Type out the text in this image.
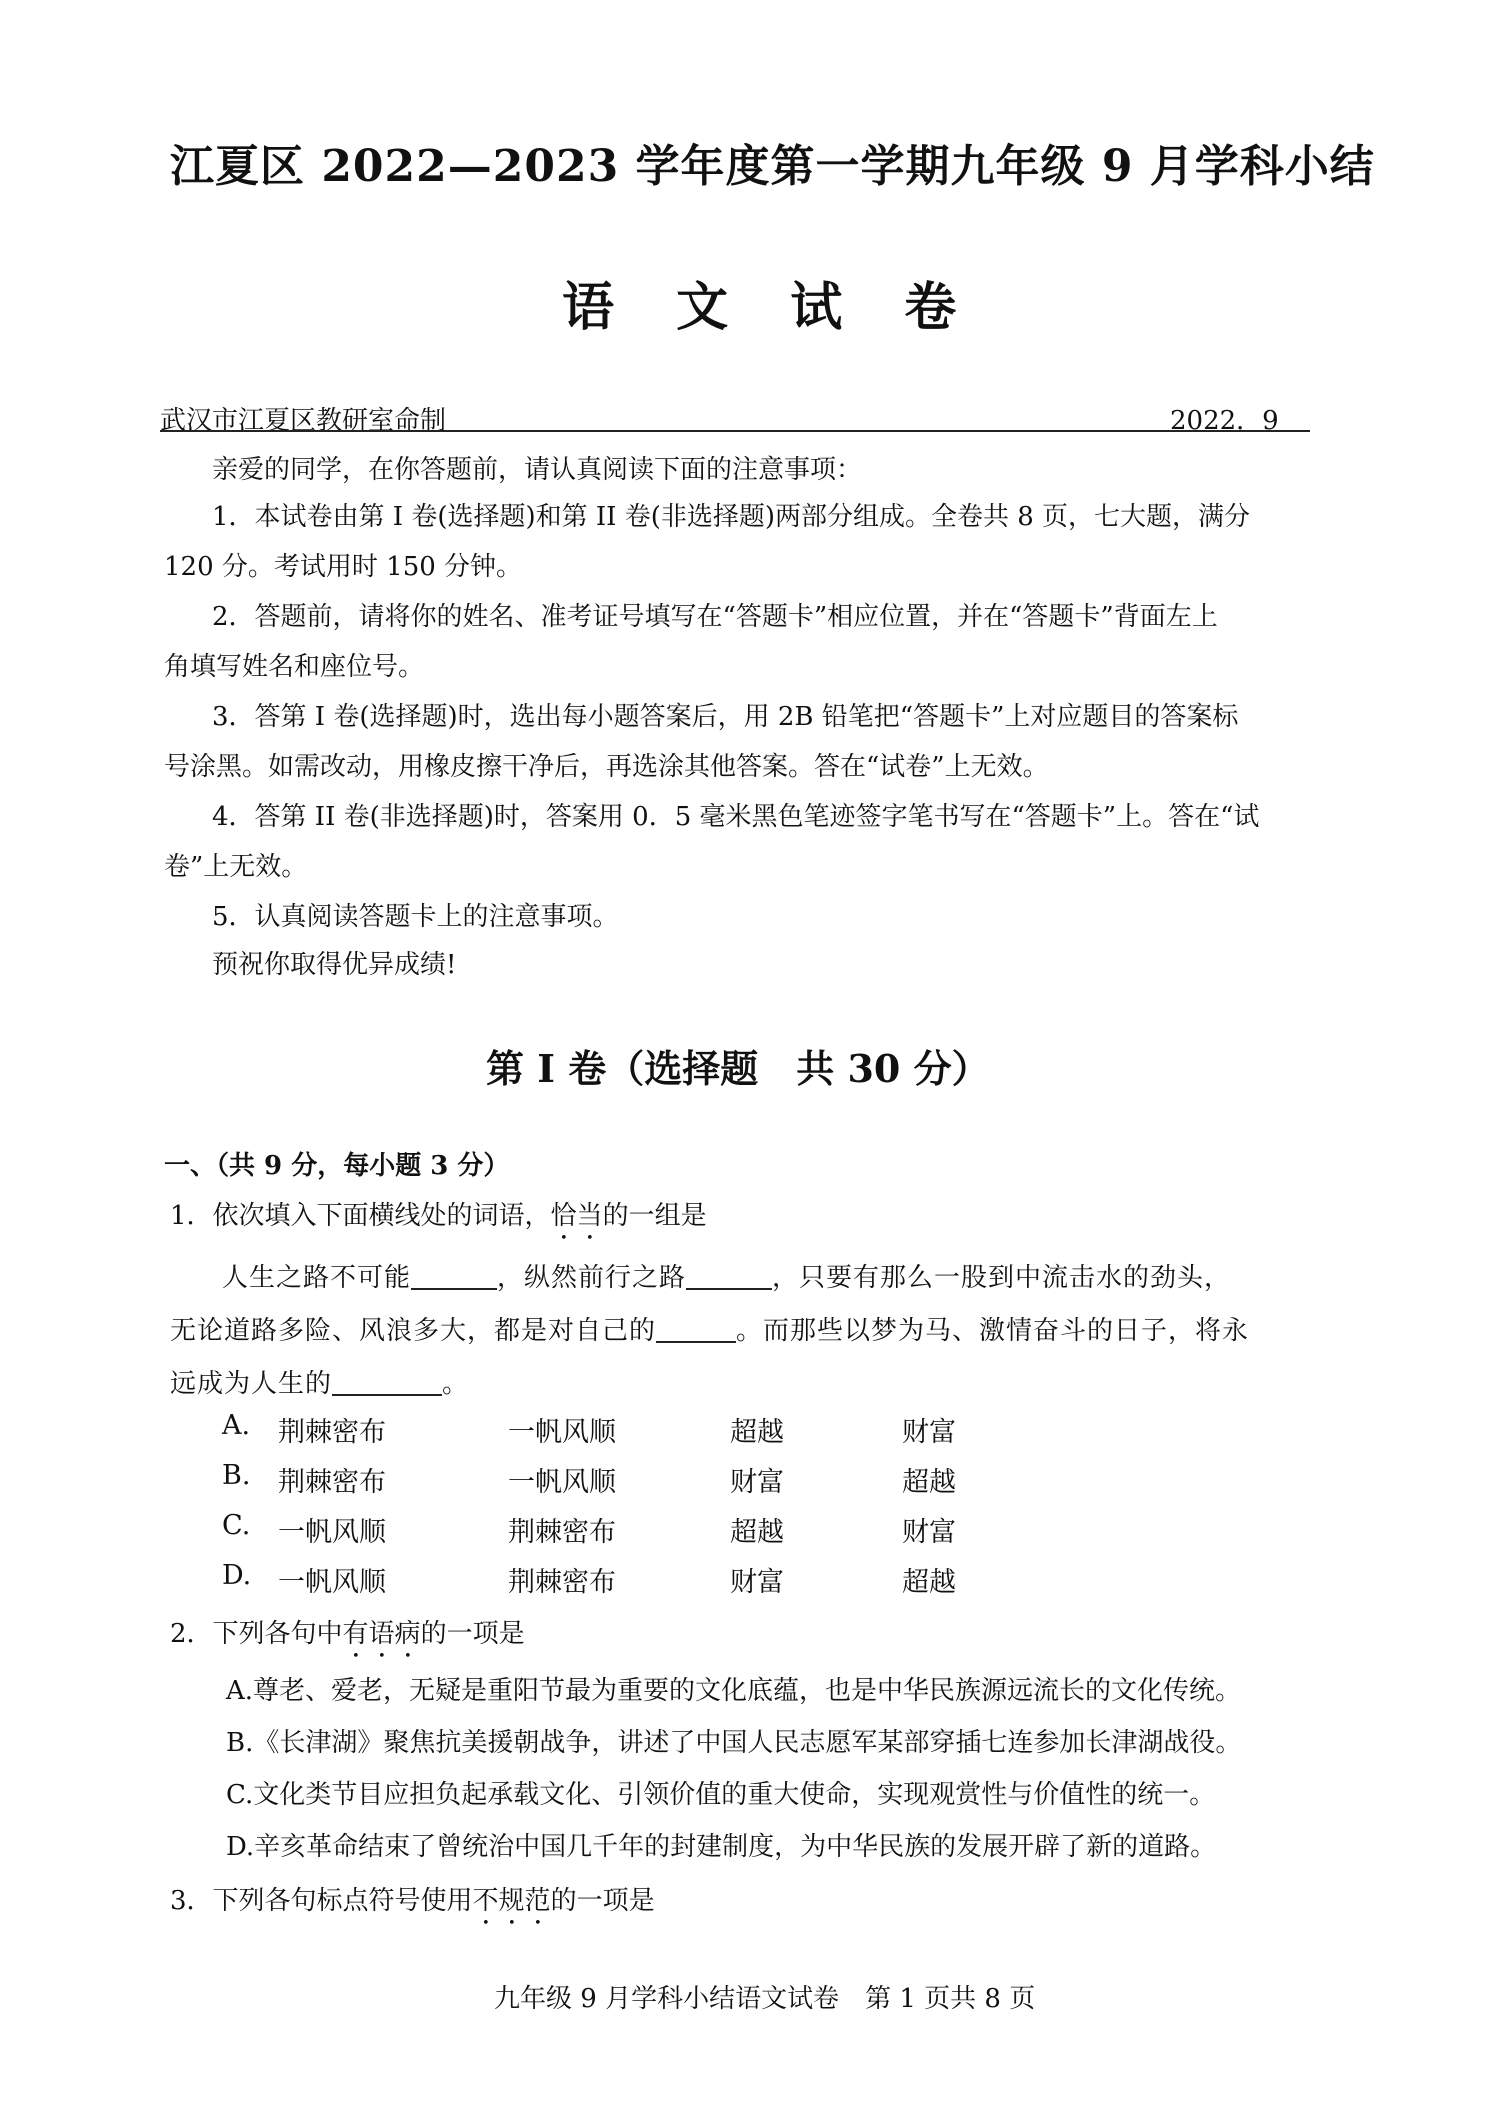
江夏区 2022—2023 学年度第一学期九年级 9 月学科小结
语 文 试 卷
武汉市江夏区教研室命制	2022．9
亲爱的同学，在你答题前，请认真阅读下面的注意事项：
1．本试卷由第 I 卷(选择题)和第 II 卷(非选择题)两部分组成。全卷共 8 页，七大题，满分
120 分。考试用时 150 分钟。
2．答题前，请将你的姓名、准考证号填写在“答题卡”相应位置，并在“答题卡”背面左上
角填写姓名和座位号。
3．答第 I 卷(选择题)时，选出每小题答案后，用 2B 铅笔把“答题卡”上对应题目的答案标
号涂黑。如需改动，用橡皮擦干净后，再选涂其他答案。答在“试卷”上无效。
4．答第 II 卷(非选择题)时，答案用 0．5 毫米黑色笔迹签字笔书写在“答题卡”上。答在“试
卷”上无效。
5．认真阅读答题卡上的注意事项。
预祝你取得优异成绩!
第 I 卷（选择题　共 30 分）
一、（共 9 分，每小题 3 分）
1．依次填入下面横线处的词语，恰当的一组是
人生之路不可能	，纵然前行之路	，只要有那么一股到中流击水的劲头，
无论道路多险、风浪多大，都是对自己的	。而那些以梦为马、激情奋斗的日子，将永
远成为人生的	。
A. 荆棘密布	一帆风顺	超越	财富
B. 荆棘密布	一帆风顺	财富	超越
C. 一帆风顺	荆棘密布	超越	财富
D. 一帆风顺	荆棘密布	财富	超越
2．下列各句中有语病的一项是
A.尊老、爱老，无疑是重阳节最为重要的文化底蕴，也是中华民族源远流长的文化传统。
B.《长津湖》聚焦抗美援朝战争，讲述了中国人民志愿军某部穿插七连参加长津湖战役。
C.文化类节目应担负起承载文化、引领价值的重大使命，实现观赏性与价值性的统一。
D.辛亥革命结束了曾统治中国几千年的封建制度，为中华民族的发展开辟了新的道路。
3．下列各句标点符号使用不规范的一项是
九年级 9 月学科小结语文试卷　第 1 页共 8 页
